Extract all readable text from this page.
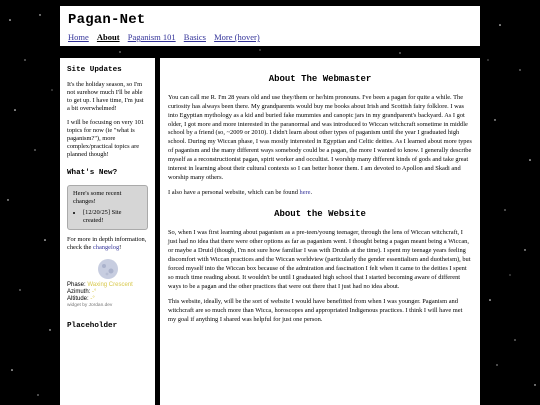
Pagan-Net
Home About Paganism 101 Basics More (hover)
Site Updates

It's the holiday season, so I'm not surehow much I'll be able to get up. I have time, I'm just a bit overwhelmed!

I will be focusing on very 101 topics for now (ie "what is paganism?"), more complex/practical topics are planned though!

What's New?

Here's some recent changes!

• [12/20/25] Site created!

For more in depth information, check the changelog!

Phase: Waxing Crescent
Azimuth: -°
Altitude: -°
widget by Jordan.dev
Placeholder
About The Webmaster

You can call me R. I'm 28 years old and use they/them or he/him pronouns. I've been a pagan for quite a while. The curiosity has always been there. My grandparents would buy me books about Irish and Scottish fairy folklore. I was into Egyptian mythology as a kid and buried fake mummies and canopic jars in my grandparent's backyard. As I got older, I got more and more interested in the paranormal and was introduced to Wiccan witchcraft sometime in middle school by a friend (so, ~2009 or 2010). I didn't learn about other types of paganism until the year I graduated high school. During my Wiccan phase, I was mostly interested in Egyptian and Celtic deities. As I learned about more types of paganism and the many different ways somebody could be a pagan, the more I wanted to know. I generally describe myself as a reconstructionist pagan, spirit worker and occultist. I worship many different kinds of gods and take great interest in learning about their cultural contexts so I can better honor them. I am devoted to Apollon and Skadi and worship many others.

I also have a personal website, which can be found here.

About the Website

So, when I was first learning about paganism as a pre-teen/young teenager, through the lens of Wiccan witchcraft, I just had no idea that there were other options as far as paganism went. I thought being a pagan meant being a Wiccan, or maybe a Druid (though, I'm not sure how familiar I was with Druids at the time). I spent my teenage years feeling discomfort with Wiccan practices and the Wiccan worldview (particularly the gender essentialism and duotheism), but forced myself into the Wiccan box because of the admiration and fascination I felt when it came to the deities I spent so much time reading about. It wouldn't be until I graduated high school that I started becoming aware of different ways to be a pagan and the other practices that were out there that I just had no idea about.

This website, ideally, will be the sort of website I would have benefitted from when I was younger. Paganism and witchcraft are so much more than Wicca, horoscopes and appropriated Indigenous practices. I think I will have met my goal if anything I shared was helpful for just one person.
